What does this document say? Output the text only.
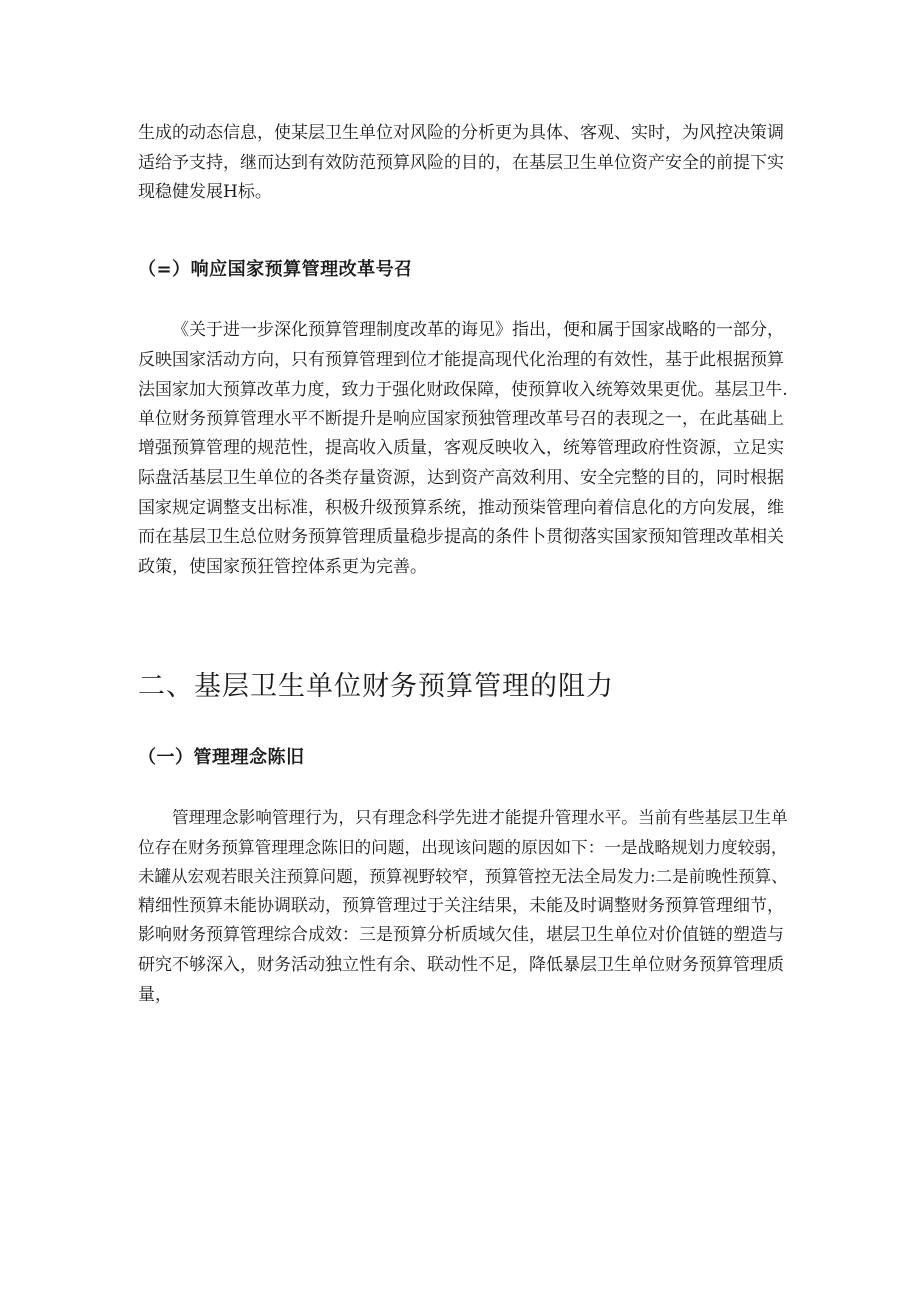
生成的动态信息，使某层卫生单位对风险的分析更为具体、客观、实时，为风控决策调
适给予支持，继而达到有效防范预算风险的目的，在基层卫生单位资产安全的前提下实
现稳健发展H标。

（=）响应国家预算管理改革号召

《关于进一步深化预算管理制度改革的诲见》指出，便和属于国家战略的一部分，
反映国家活动方向，只有预算管理到位才能提高现代化治理的有效性，基于此根据预算
法国家加大预算改革力度，致力于强化财政保障，使预算收入统筹效果更优。基层卫牛.
单位财务预算管理水平不断提升是响应国家预独管理改革号召的表现之一，在此基础上
增强预算管理的规范性，提高收入质量，客观反映收入，统筹管理政府性资源，立足实
际盘活基层卫生单位的各类存量资源，达到资产高效利用、安全完整的目的，同时根据
国家规定调整支出标准，积极升级预算系统，推动预柒管理向着信息化的方向发展，维
而在基层卫生总位财务预算管理质量稳步提高的条件卜贯彻落实国家预知管理改革相关
政策，使国家预狂管控体系更为完善。

二、基层卫生单位财务预算管理的阻力
（一）管理理念陈旧

管理理念影响管理行为，只有理念科学先进才能提升管理水平。当前有些基层卫生单
位存在财务预算管理理念陈旧的问题，出现该问题的原因如下：一是战略规划力度较弱，
未罐从宏观若眼关注预算问题，预算视野较窄，预算管控无法全局发力:二是前晚性预算、
精细性预算未能协调联动，预算管理过于关注结果，未能及时调整财务预算管理细节，
影响财务预算管理综合成效：三是预算分析质域欠佳，堪层卫生单位对价值链的塑造与
研究不够深入，财务活动独立性有余、联动性不足，降低暴层卫生单位财务预算管理质
量，
